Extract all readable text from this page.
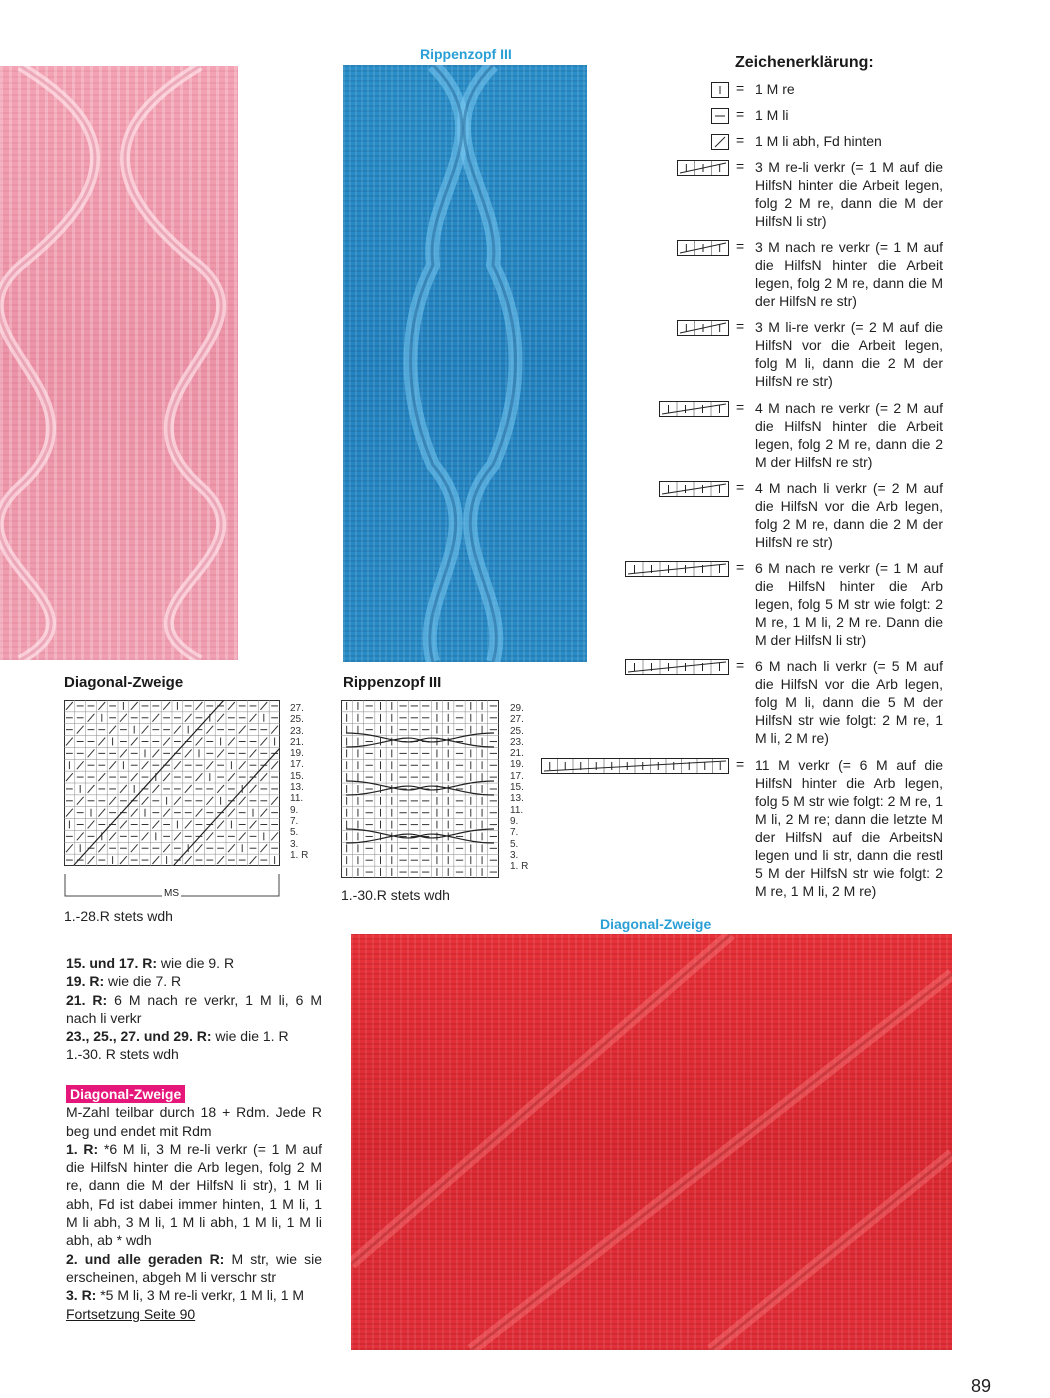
Rippenzopf III
Diagonal-Zweige
Diagonal-Zweige
27.
25.
23.
21.
19.
17.
15.
13.
11.
9.
7.
5.
3.
1. R
MS
1.-28.R stets wdh
Rippenzopf III
29.
27.
25.
23.
21.
19.
17.
15.
13.
11.
9.
7.
5.
3.
1. R
1.-30.R stets wdh
Zeichenerklärung:
= 1 M re
= 1 M li
= 1 M li abh, Fd hinten
= 3 M re-li verkr (= 1 M auf die HilfsN hinter die Arbeit legen, folg 2 M re, dann die M der HilfsN li str)
= 3 M nach re verkr (= 1 M auf die HilfsN hinter die Arbeit legen, folg 2 M re, dann die M der HilfsN re str)
= 3 M li-re verkr (= 2 M auf die HilfsN vor die Arbeit legen, folg M li, dann die 2 M der HilfsN re str)
= 4 M nach re verkr (= 2 M auf die HilfsN hinter die Arbeit legen, folg 2 M re, dann die 2 M der HilfsN re str)
= 4 M nach li verkr (= 2 M auf die HilfsN vor die Arb legen, folg 2 M re, dann die 2 M der HilfsN re str)
= 6 M nach re verkr (= 1 M auf die HilfsN hinter die Arb legen, folg 5 M str wie folgt: 2 M re, 1 M li, 2 M re. Dann die M der HilfsN li str)
= 6 M nach li verkr (= 5 M auf die HilfsN vor die Arb legen, folg M li, dann die 5 M der HilfsN str wie folgt: 2 M re, 1 M li, 2 M re)
= 11 M verkr (= 6 M auf die HilfsN hinter die Arb legen, folg 5 M str wie folgt: 2 M re, 1 M li, 2 M re; dann die letzte M der HilfsN auf die ArbeitsN legen und li str, dann die restl 5 M der HilfsN str wie folgt: 2 M re, 1 M li, 2 M re)
15. und 17. R: wie die 9. R
19. R: wie die 7. R
21. R: 6 M nach re verkr, 1 M li, 6 M nach li verkr
23., 25., 27. und 29. R: wie die 1. R
1.-30. R stets wdh
Diagonal-Zweige
M-Zahl teilbar durch 18 + Rdm. Jede R beg und endet mit Rdm
1. R: *6 M li, 3 M re-li verkr (= 1 M auf die HilfsN hinter die Arb legen, folg 2 M re, dann die M der HilfsN li str), 1 M li abh, Fd ist dabei immer hinten, 1 M li, 1 M li abh, 3 M li, 1 M li abh, 1 M li, 1 M li abh, ab * wdh
2. und alle geraden R: M str, wie sie erscheinen, abgeh M li verschr str
3. R: *5 M li, 3 M re-li verkr, 1 M li, 1 M
Fortsetzung Seite 90
89
